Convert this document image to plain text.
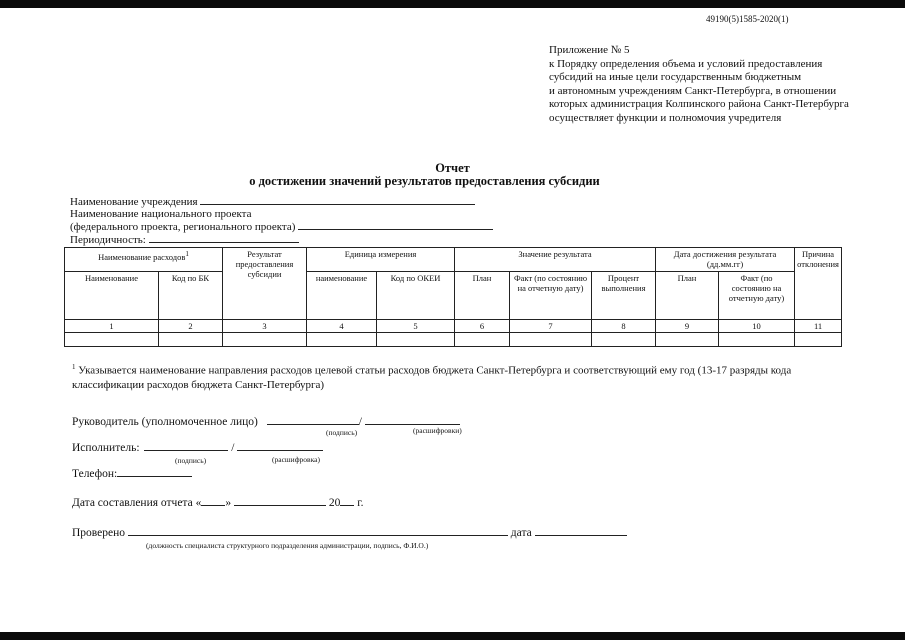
49190(5)1585-2020(1)
Приложение № 5
к Порядку определения объема и условий предоставления
субсидий на иные цели государственным бюджетным
и автономным учреждениям Санкт-Петербурга, в отношении
которых администрация Колпинского района Санкт-Петербурга
осуществляет функции и полномочия учредителя
Отчет
о достижении значений результатов предоставления субсидии
Наименование учреждения
Наименование национального проекта
(федерального проекта, регионального проекта)
Периодичность:
Наименование расходов$^1$		Результат предоставления субсидии	Единица измерения		Значение результата			Дата достижения результата (дд.мм.гг)		Причина отклонения
Наименование	Код по БК		наименование	Код по ОКЕИ	План	Факт (по состоянию на отчетную дату)	Процент выполнения	План	Факт (по состоянию на отчетную дату)	
1	2	3	4	5	6	7	8	9	10	11

$^1$ Указывается наименование направления расходов целевой статьи расходов бюджета Санкт-Петербурга и соответствующий ему год (13-17 разряды кода
классификации расходов бюджета Санкт-Петербурга)
Руководитель (уполномоченное лицо)	/
(подпись)	(расшифровки)
Исполнитель:	/
(подпись)	(расшифровка)
Телефон:
Дата составления отчета « »	20 г.
Проверено	дата
(должность специалиста структурного подразделения администрации, подпись, Ф.И.О.)
